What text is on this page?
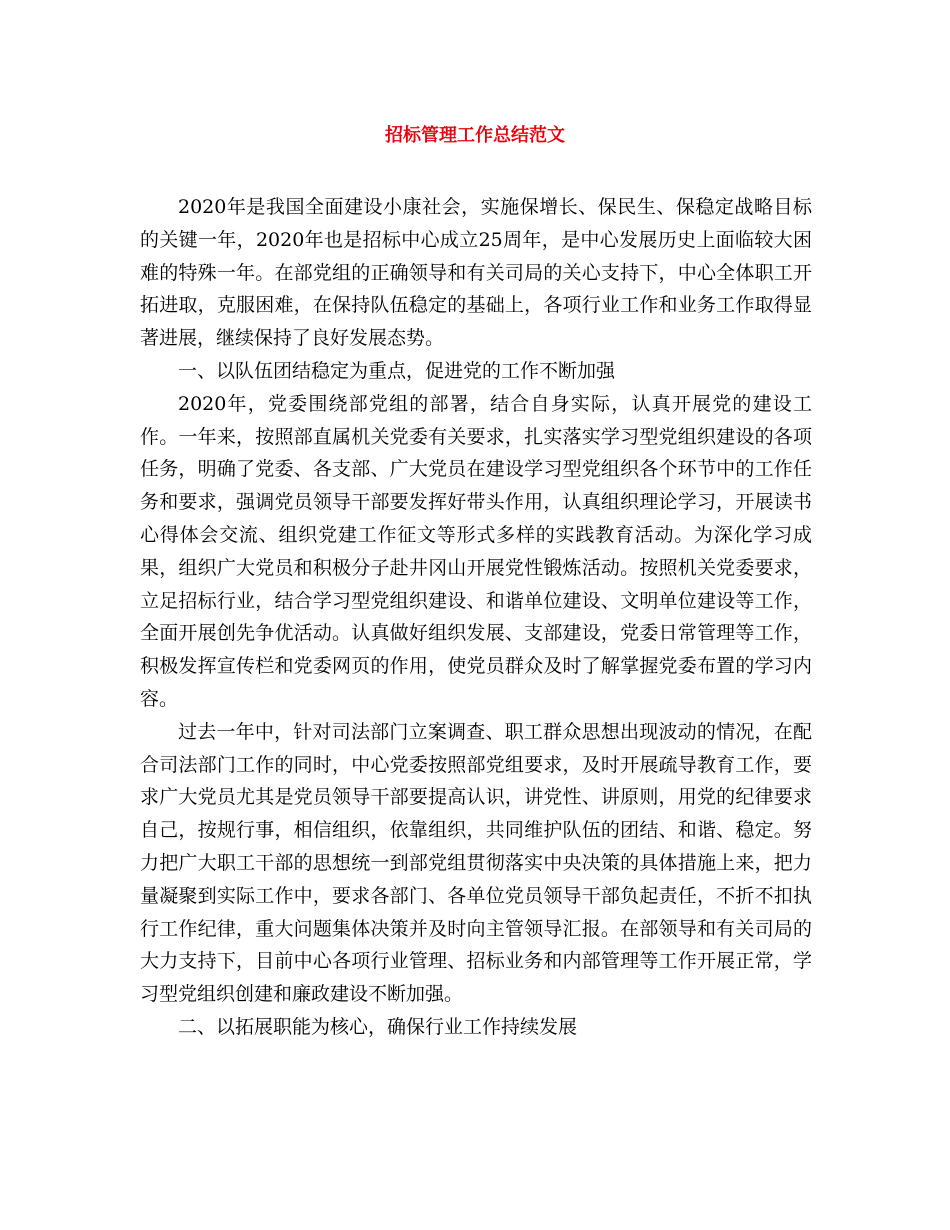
招标管理工作总结范文

2020年是我国全面建设小康社会，实施保增长、保民生、保稳定战略目标的关键一年，2020年也是招标中心成立25周年，是中心发展历史上面临较大困难的特殊一年。在部党组的正确领导和有关司局的关心支持下，中心全体职工开拓进取，克服困难，在保持队伍稳定的基础上，各项行业工作和业务工作取得显著进展，继续保持了良好发展态势。

一、以队伍团结稳定为重点，促进党的工作不断加强

2020年，党委围绕部党组的部署，结合自身实际，认真开展党的建设工作。一年来，按照部直属机关党委有关要求，扎实落实学习型党组织建设的各项任务，明确了党委、各支部、广大党员在建设学习型党组织各个环节中的工作任务和要求，强调党员领导干部要发挥好带头作用，认真组织理论学习，开展读书心得体会交流、组织党建工作征文等形式多样的实践教育活动。为深化学习成果，组织广大党员和积极分子赴井冈山开展党性锻炼活动。按照机关党委要求，立足招标行业，结合学习型党组织建设、和谐单位建设、文明单位建设等工作，全面开展创先争优活动。认真做好组织发展、支部建设，党委日常管理等工作，积极发挥宣传栏和党委网页的作用，使党员群众及时了解掌握党委布置的学习内容。

过去一年中，针对司法部门立案调查、职工群众思想出现波动的情况，在配合司法部门工作的同时，中心党委按照部党组要求，及时开展疏导教育工作，要求广大党员尤其是党员领导干部要提高认识，讲党性、讲原则，用党的纪律要求自己，按规行事，相信组织，依靠组织，共同维护队伍的团结、和谐、稳定。努力把广大职工干部的思想统一到部党组贯彻落实中央决策的具体措施上来，把力量凝聚到实际工作中，要求各部门、各单位党员领导干部负起责任，不折不扣执行工作纪律，重大问题集体决策并及时向主管领导汇报。在部领导和有关司局的大力支持下，目前中心各项行业管理、招标业务和内部管理等工作开展正常，学习型党组织创建和廉政建设不断加强。

二、以拓展职能为核心，确保行业工作持续发展
